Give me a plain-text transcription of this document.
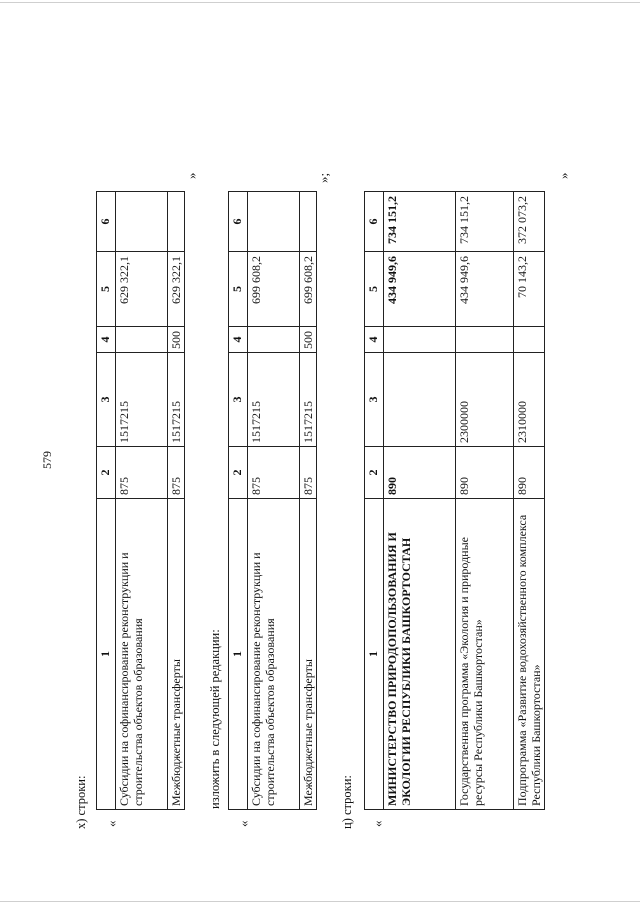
579
х) строки: «
»
1	2	3	4	5	6
Субсидии на софинансирование реконструкции и строительства объектов образования	875	1517215		629 322,1	
Межбюджетные трансферты	875	1517215	500	629 322,1	
изложить в следующей редакции:
«
»;
1	2	3	4	5	6
Субсидии на софинансирование реконструкции и строительства объектов образования	875	1517215		699 608,2	
Межбюджетные трансферты	875	1517215	500	699 608,2	
ц) строки: «
»
1	2	3	4	5	6
МИНИСТЕРСТВО ПРИРОДОПОЛЬЗОВАНИЯ И ЭКОЛОГИИ РЕСПУБЛИКИ БАШКОРТОСТАН	890			434 949,6	734 151,2
Государственная программа «Экология и природные ресурсы Республики Башкортостан»	890	2300000		434 949,6	734 151,2
Подпрограмма «Развитие водохозяйственного комплекса Республики Башкортостан»	890	2310000		70 143,2	372 073,2
